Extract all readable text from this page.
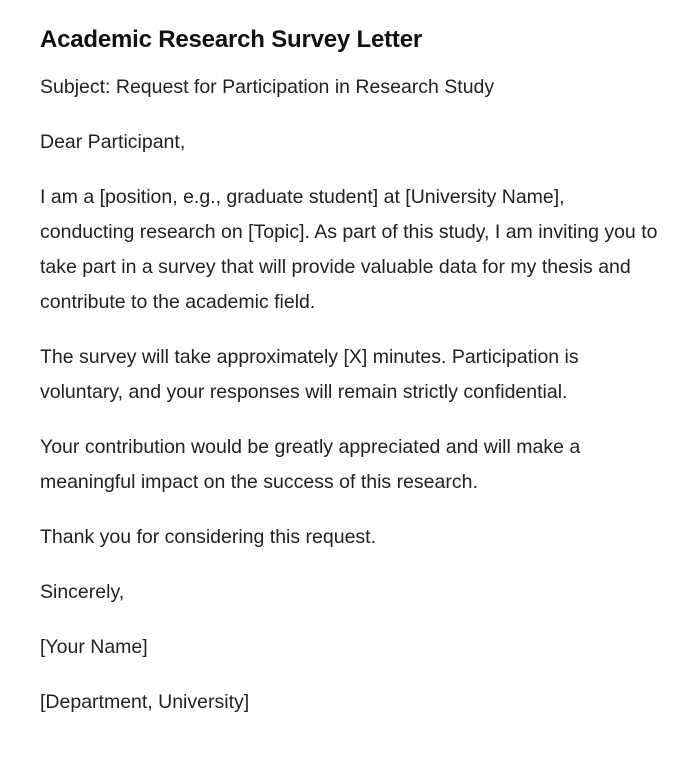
Academic Research Survey Letter

Subject: Request for Participation in Research Study

Dear Participant,

I am a [position, e.g., graduate student] at [University Name], conducting research on [Topic]. As part of this study, I am inviting you to take part in a survey that will provide valuable data for my thesis and contribute to the academic field.

The survey will take approximately [X] minutes. Participation is voluntary, and your responses will remain strictly confidential.

Your contribution would be greatly appreciated and will make a meaningful impact on the success of this research.

Thank you for considering this request.

Sincerely,

[Your Name]

[Department, University]
